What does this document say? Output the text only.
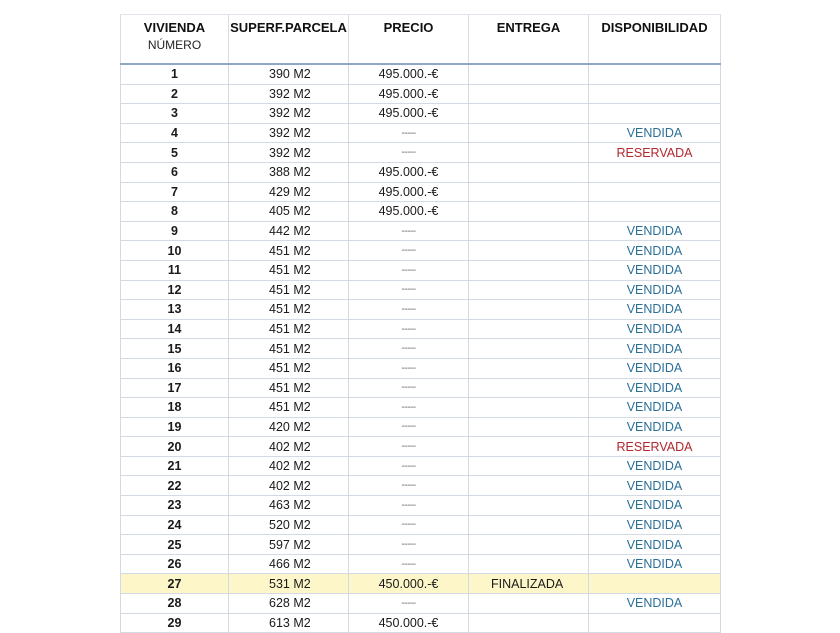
VIVIENDA
NÚMERO	SUPERF.PARCELA	PRECIO	ENTREGA	DISPONIBILIDAD
1	390 M2	495.000.-€		
2	392 M2	495.000.-€		
3	392 M2	495.000.-€		
4	392 M2	-----		VENDIDA
5	392 M2	-----		RESERVADA
6	388 M2	495.000.-€		
7	429 M2	495.000.-€		
8	405 M2	495.000.-€		
9	442 M2	-----		VENDIDA
10	451 M2	-----		VENDIDA
11	451 M2	-----		VENDIDA
12	451 M2	-----		VENDIDA
13	451 M2	-----		VENDIDA
14	451 M2	-----		VENDIDA
15	451 M2	-----		VENDIDA
16	451 M2	-----		VENDIDA
17	451 M2	-----		VENDIDA
18	451 M2	-----		VENDIDA
19	420 M2	-----		VENDIDA
20	402 M2	-----		RESERVADA
21	402 M2	-----		VENDIDA
22	402 M2	-----		VENDIDA
23	463 M2	-----		VENDIDA
24	520 M2	-----		VENDIDA
25	597 M2	-----		VENDIDA
26	466 M2	-----		VENDIDA
27	531 M2	450.000.-€	FINALIZADA	
28	628 M2	-----		VENDIDA
29	613 M2	450.000.-€		
